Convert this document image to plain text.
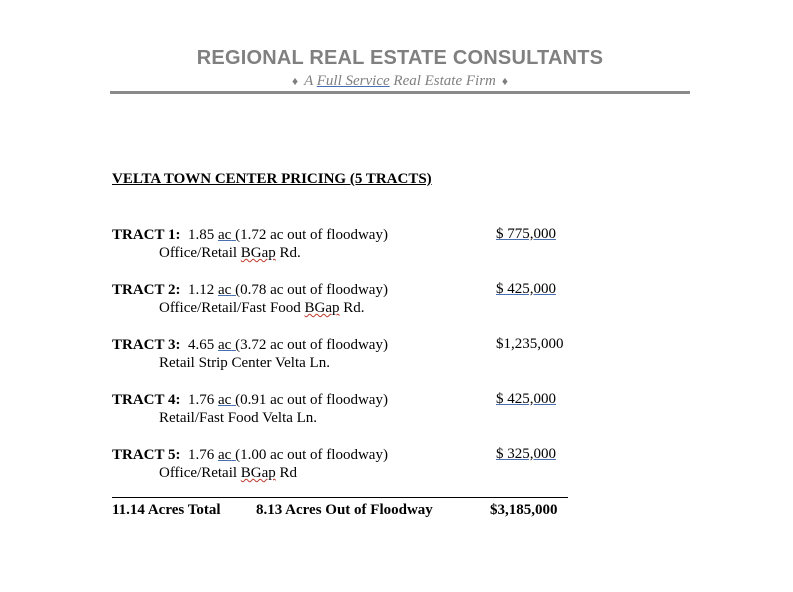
REGIONAL REAL ESTATE CONSULTANTS
♦ A Full Service Real Estate Firm ♦
VELTA TOWN CENTER PRICING (5 TRACTS)
TRACT 1: 1.85 ac (1.72 ac out of floodway)
Office/Retail BGap Rd.
$ 775,000
TRACT 2: 1.12 ac (0.78 ac out of floodway)
Office/Retail/Fast Food BGap Rd.
$ 425,000
TRACT 3: 4.65 ac (3.72 ac out of floodway)
Retail Strip Center Velta Ln.
$1,235,000
TRACT 4: 1.76 ac (0.91 ac out of floodway)
Retail/Fast Food Velta Ln.
$ 425,000
TRACT 5: 1.76 ac (1.00 ac out of floodway)
Office/Retail BGap Rd
$ 325,000
11.14 Acres Total 8.13 Acres Out of Floodway	$3,185,000
